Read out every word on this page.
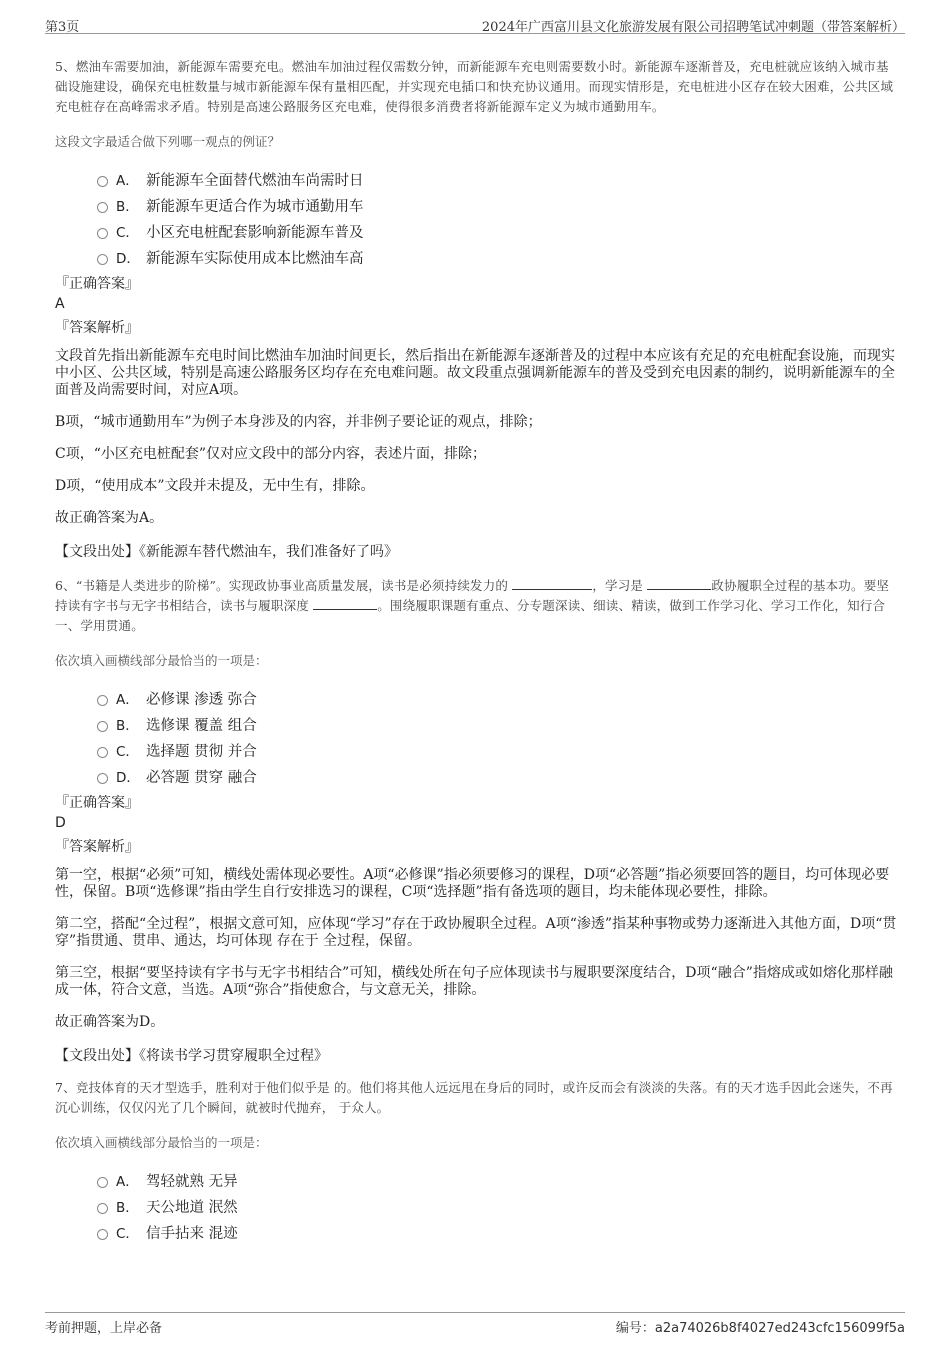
第3页	2024年广西富川县文化旅游发展有限公司招聘笔试冲刺题（带答案解析）
5、燃油车需要加油，新能源车需要充电。燃油车加油过程仅需数分钟，而新能源车充电则需要数小时。新能源车逐渐普及，充电桩就应该纳入城市基础设施建设，确保充电桩数量与城市新能源车保有量相匹配，并实现充电插口和快充协议通用。而现实情形是，充电桩进小区存在较大困难，公共区域充电桩存在高峰需求矛盾。特别是高速公路服务区充电难，使得很多消费者将新能源车定义为城市通勤用车。
这段文字最适合做下列哪一观点的例证？
A． 新能源车全面替代燃油车尚需时日
B． 新能源车更适合作为城市通勤用车
C． 小区充电桩配套影响新能源车普及
D． 新能源车实际使用成本比燃油车高
『正确答案』
A
『答案解析』
文段首先指出新能源车充电时间比燃油车加油时间更长，然后指出在新能源车逐渐普及的过程中本应该有充足的充电桩配套设施，而现实中小区、公共区域，特别是高速公路服务区均存在充电难问题。故文段重点强调新能源车的普及受到充电因素的制约，说明新能源车的全面普及尚需要时间，对应A项。
B项，“城市通勤用车”为例子本身涉及的内容，并非例子要论证的观点，排除；
C项，“小区充电桩配套”仅对应文段中的部分内容，表述片面，排除；
D项，“使用成本”文段并未提及，无中生有，排除。
故正确答案为A。
【文段出处】《新能源车替代燃油车，我们准备好了吗》
6、“书籍是人类进步的阶梯”。实现政协事业高质量发展，读书是必须持续发力的	，学习是	政协履职全过程的基本功。要坚持读有字书与无字书相结合，读书与履职深度	。围绕履职课题有重点、分专题深读、细读、精读，做到工作学习化、学习工作化，知行合一、学用贯通。
依次填入画横线部分最恰当的一项是：
A． 必修课 渗透 弥合
B． 选修课 覆盖 组合
C． 选择题 贯彻 并合
D． 必答题 贯穿 融合
『正确答案』
D
『答案解析』
第一空，根据“必须”可知，横线处需体现必要性。A项“必修课”指必须要修习的课程，D项“必答题”指必须要回答的题目，均可体现必要性，保留。B项“选修课”指由学生自行安排选习的课程，C项“选择题”指有备选项的题目，均未能体现必要性，排除。
第二空，搭配“全过程”，根据文意可知，应体现“学习”存在于政协履职全过程。A项“渗透”指某种事物或势力逐渐进入其他方面，D项“贯穿”指贯通、贯串、通达，均可体现 存在于 全过程，保留。
第三空，根据“要坚持读有字书与无字书相结合”可知，横线处所在句子应体现读书与履职要深度结合，D项“融合”指熔成或如熔化那样融成一体，符合文意，当选。A项“弥合”指使愈合，与文意无关，排除。
故正确答案为D。
【文段出处】《将读书学习贯穿履职全过程》
7、竞技体育的天才型选手，胜利对于他们似乎是 的。他们将其他人远远甩在身后的同时，或许反而会有淡淡的失落。有的天才选手因此会迷失，不再沉心训练，仅仅闪光了几个瞬间，就被时代抛弃， 于众人。
依次填入画横线部分最恰当的一项是：
A． 驾轻就熟 无异
B． 天公地道 泯然
C． 信手拈来 混迹
考前押题，上岸必备	编号：a2a74026b8f4027ed243cfc156099f5a
